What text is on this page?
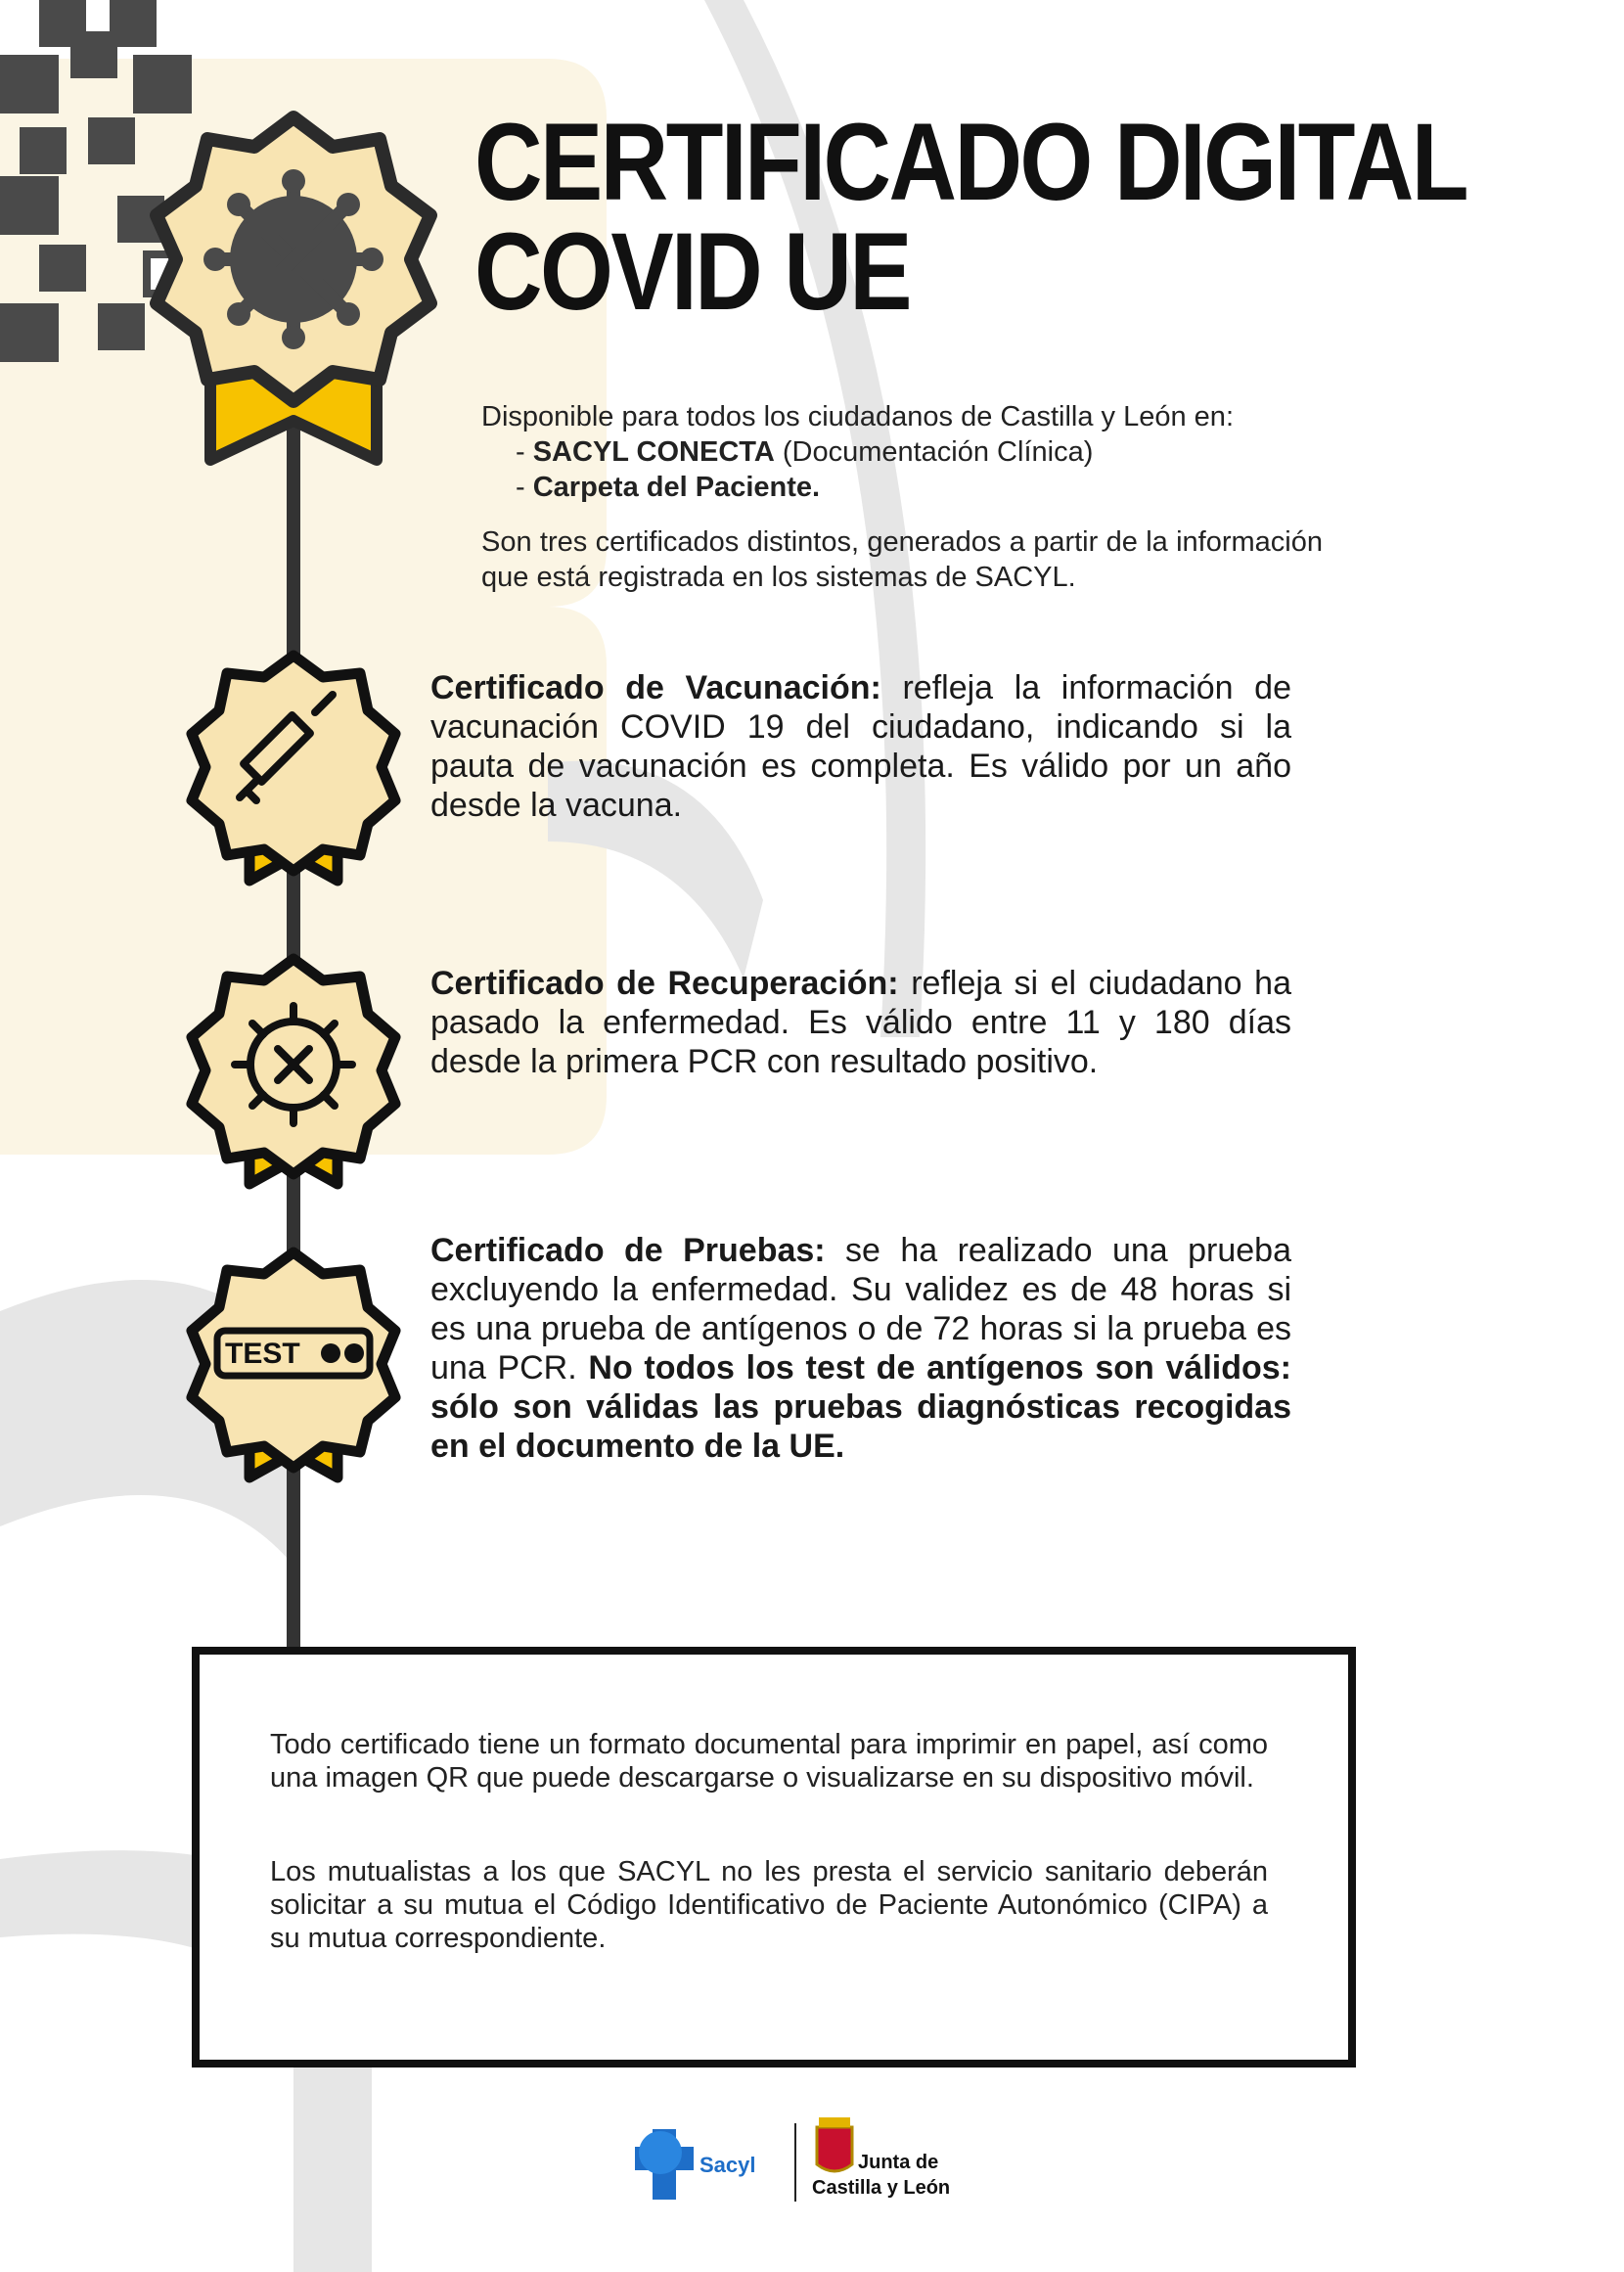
TEST
CERTIFICADO DIGITAL
COVID UE
Disponible para todos los ciudadanos de Castilla y León en:
- SACYL CONECTA (Documentación Clínica)
- Carpeta del Paciente.
Son tres certificados distintos, generados a partir de la información que está registrada en los sistemas de SACYL.
Certificado de Vacunación: refleja la información de vacunación COVID 19 del ciudadano, indicando si la pauta de vacunación es completa. Es válido por un año desde la vacuna.
Certificado de Recuperación: refleja si el ciudadano ha pasado la enfermedad. Es válido entre 11 y 180 días desde la primera PCR con resultado positivo.
Certificado de Pruebas: se ha realizado una prueba excluyendo la enfermedad. Su validez es de 48 horas si es una prueba de antígenos o de 72 horas si la prueba es una PCR. No todos los test de antígenos son válidos: sólo son válidas las pruebas diagnósticas recogidas en el documento de la UE.

Todo certificado tiene un formato documental para imprimir en papel, así como una imagen QR que puede descargarse o visualizarse en su dispositivo móvil.

Los mutualistas a los que SACYL no les presta el servicio sanitario deberán solicitar a su mutua el Código Identificativo de Paciente Autonómico (CIPA) a su mutua correspondiente.

Sacyl	Junta de
Castilla y León
